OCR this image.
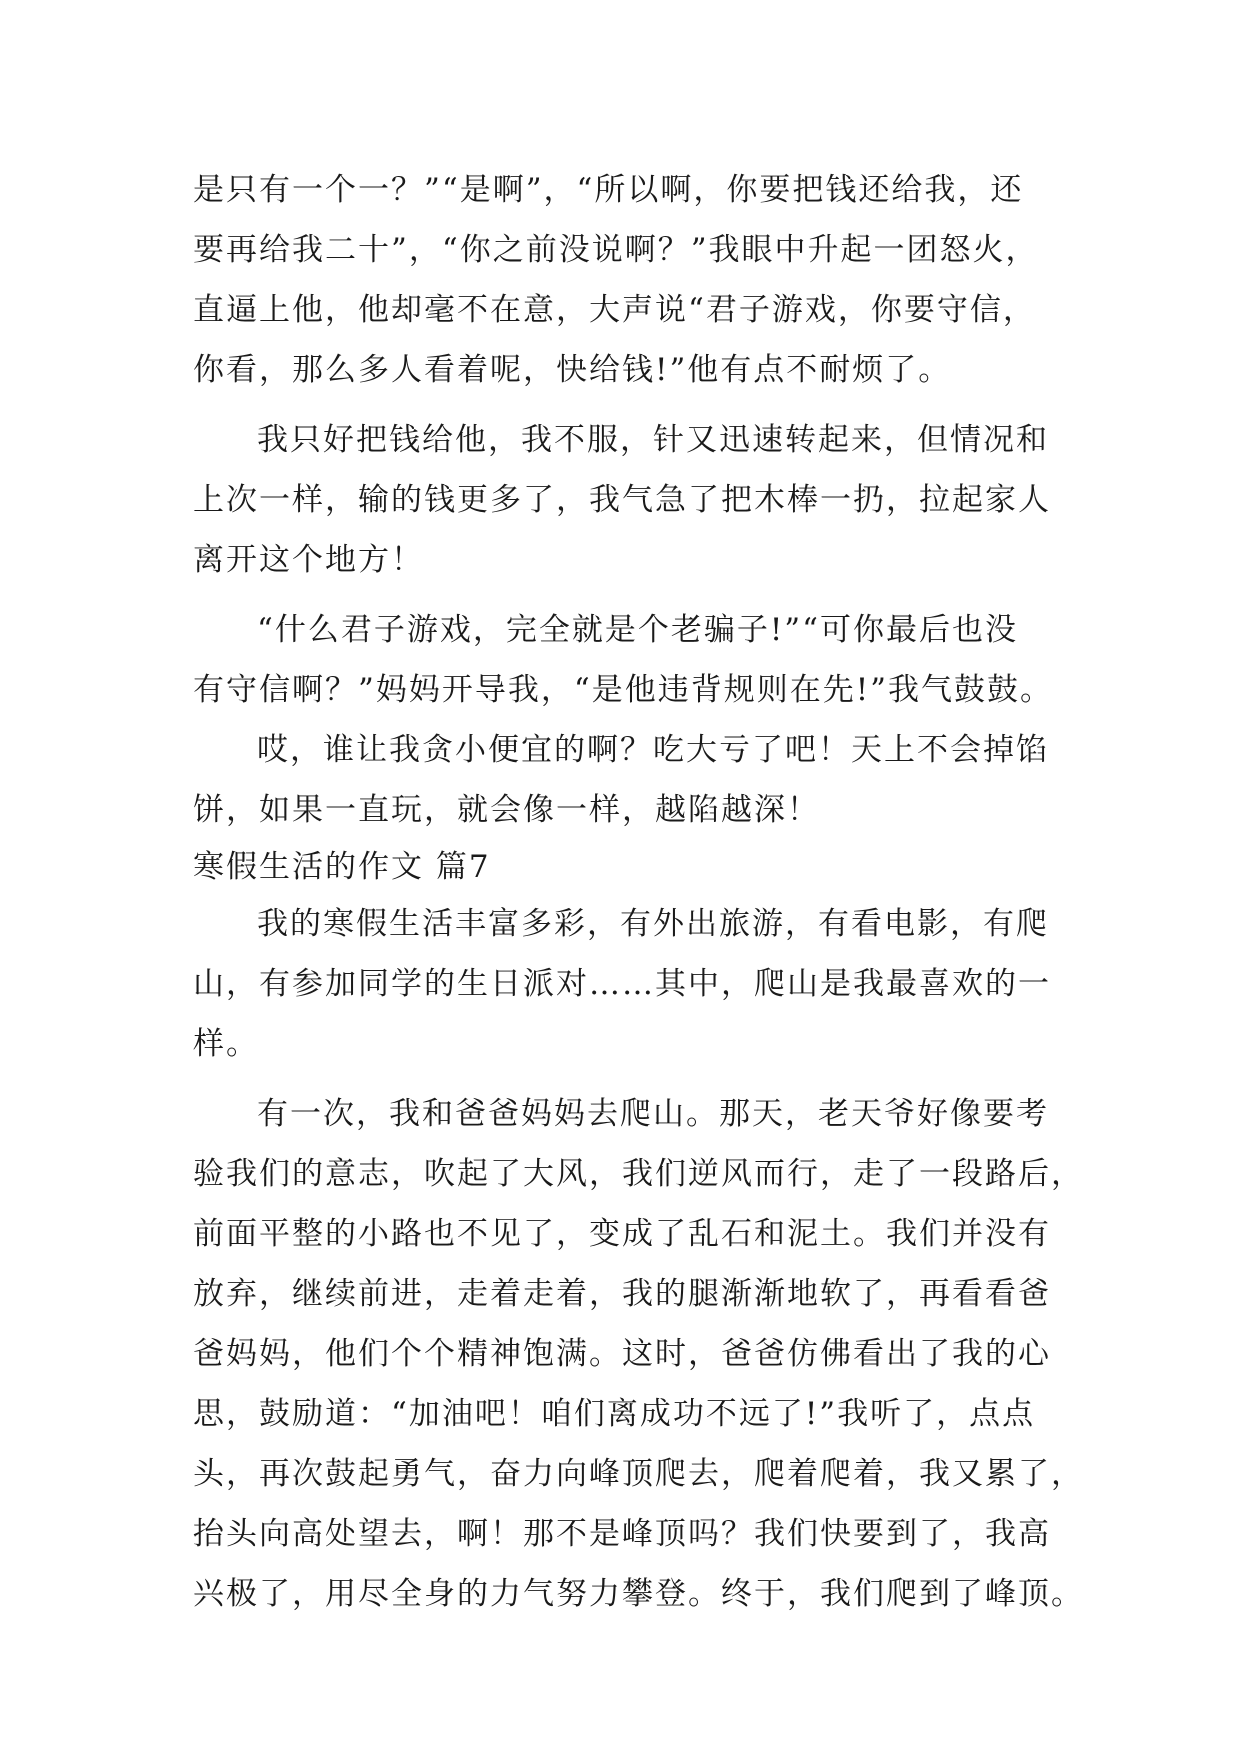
是只有一个一？”“是啊”，“所以啊，你要把钱还给我，还
要再给我二十”，“你之前没说啊？”我眼中升起一团怒火，
直逼上他，他却毫不在意，大声说“君子游戏，你要守信，
你看，那么多人看着呢，快给钱!”他有点不耐烦了。
我只好把钱给他，我不服，针又迅速转起来，但情况和
上次一样，输的钱更多了，我气急了把木棒一扔，拉起家人
离开这个地方！
“什么君子游戏，完全就是个老骗子!”“可你最后也没
有守信啊？”妈妈开导我，“是他违背规则在先!”我气鼓鼓。
哎，谁让我贪小便宜的啊？吃大亏了吧！天上不会掉馅
饼，如果一直玩，就会像一样，越陷越深！
寒假生活的作文 篇7
我的寒假生活丰富多彩，有外出旅游，有看电影，有爬
山，有参加同学的生日派对……其中，爬山是我最喜欢的一
样。
有一次，我和爸爸妈妈去爬山。那天，老天爷好像要考
验我们的意志，吹起了大风，我们逆风而行，走了一段路后，
前面平整的小路也不见了，变成了乱石和泥土。我们并没有
放弃，继续前进，走着走着，我的腿渐渐地软了，再看看爸
爸妈妈，他们个个精神饱满。这时，爸爸仿佛看出了我的心
思，鼓励道：“加油吧！咱们离成功不远了!”我听了，点点
头，再次鼓起勇气，奋力向峰顶爬去，爬着爬着，我又累了，
抬头向高处望去，啊！那不是峰顶吗？我们快要到了，我高
兴极了，用尽全身的力气努力攀登。终于，我们爬到了峰顶。
